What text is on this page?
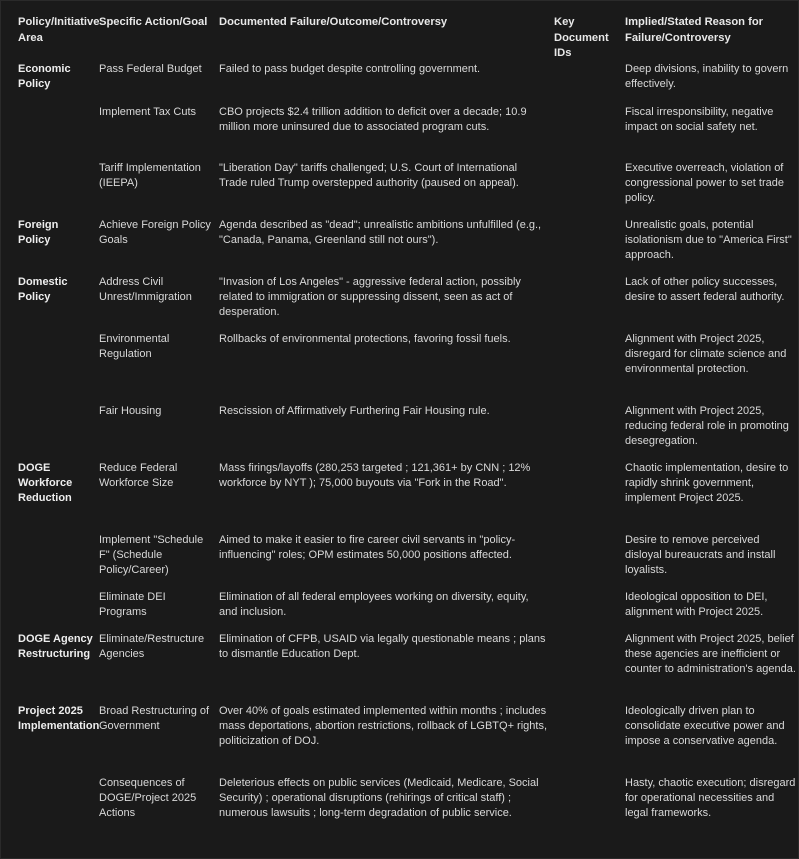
Policy/Initiative Area	Specific Action/Goal	Documented Failure/Outcome/Controversy	Key Document IDs	Implied/Stated Reason for Failure/Controversy
Economic Policy	Pass Federal Budget	Failed to pass budget despite controlling government.		Deep divisions, inability to govern effectively.
	Implement Tax Cuts	CBO projects $2.4 trillion addition to deficit over a decade; 10.9 million more uninsured due to associated program cuts.		Fiscal irresponsibility, negative impact on social safety net.
	Tariff Implementation (IEEPA)	"Liberation Day" tariffs challenged; U.S. Court of International Trade ruled Trump overstepped authority (paused on appeal).		Executive overreach, violation of congressional power to set trade policy.
Foreign Policy	Achieve Foreign Policy Goals	Agenda described as "dead"; unrealistic ambitions unfulfilled (e.g., "Canada, Panama, Greenland still not ours").		Unrealistic goals, potential isolationism due to "America First" approach.
Domestic Policy	Address Civil Unrest/Immigration	"Invasion of Los Angeles" - aggressive federal action, possibly related to immigration or suppressing dissent, seen as act of desperation.		Lack of other policy successes, desire to assert federal authority.
	Environmental Regulation	Rollbacks of environmental protections, favoring fossil fuels.		Alignment with Project 2025, disregard for climate science and environmental protection.
	Fair Housing	Rescission of Affirmatively Furthering Fair Housing rule.		Alignment with Project 2025, reducing federal role in promoting desegregation.
DOGE Workforce Reduction	Reduce Federal Workforce Size	Mass firings/layoffs (280,253 targeted ; 121,361+ by CNN ; 12% workforce by NYT ); 75,000 buyouts via "Fork in the Road".		Chaotic implementation, desire to rapidly shrink government, implement Project 2025.
	Implement "Schedule F" (Schedule Policy/Career)	Aimed to make it easier to fire career civil servants in "policy-influencing" roles; OPM estimates 50,000 positions affected.		Desire to remove perceived disloyal bureaucrats and install loyalists.
	Eliminate DEI Programs	Elimination of all federal employees working on diversity, equity, and inclusion.		Ideological opposition to DEI, alignment with Project 2025.
DOGE Agency Restructuring	Eliminate/Restructure Agencies	Elimination of CFPB, USAID via legally questionable means ; plans to dismantle Education Dept.		Alignment with Project 2025, belief these agencies are inefficient or counter to administration's agenda.
Project 2025 Implementation	Broad Restructuring of Government	Over 40% of goals estimated implemented within months ; includes mass deportations, abortion restrictions, rollback of LGBTQ+ rights, politicization of DOJ.		Ideologically driven plan to consolidate executive power and impose a conservative agenda.
	Consequences of DOGE/Project 2025 Actions	Deleterious effects on public services (Medicaid, Medicare, Social Security) ; operational disruptions (rehirings of critical staff) ; numerous lawsuits ; long-term degradation of public service.		Hasty, chaotic execution; disregard for operational necessities and legal frameworks.
